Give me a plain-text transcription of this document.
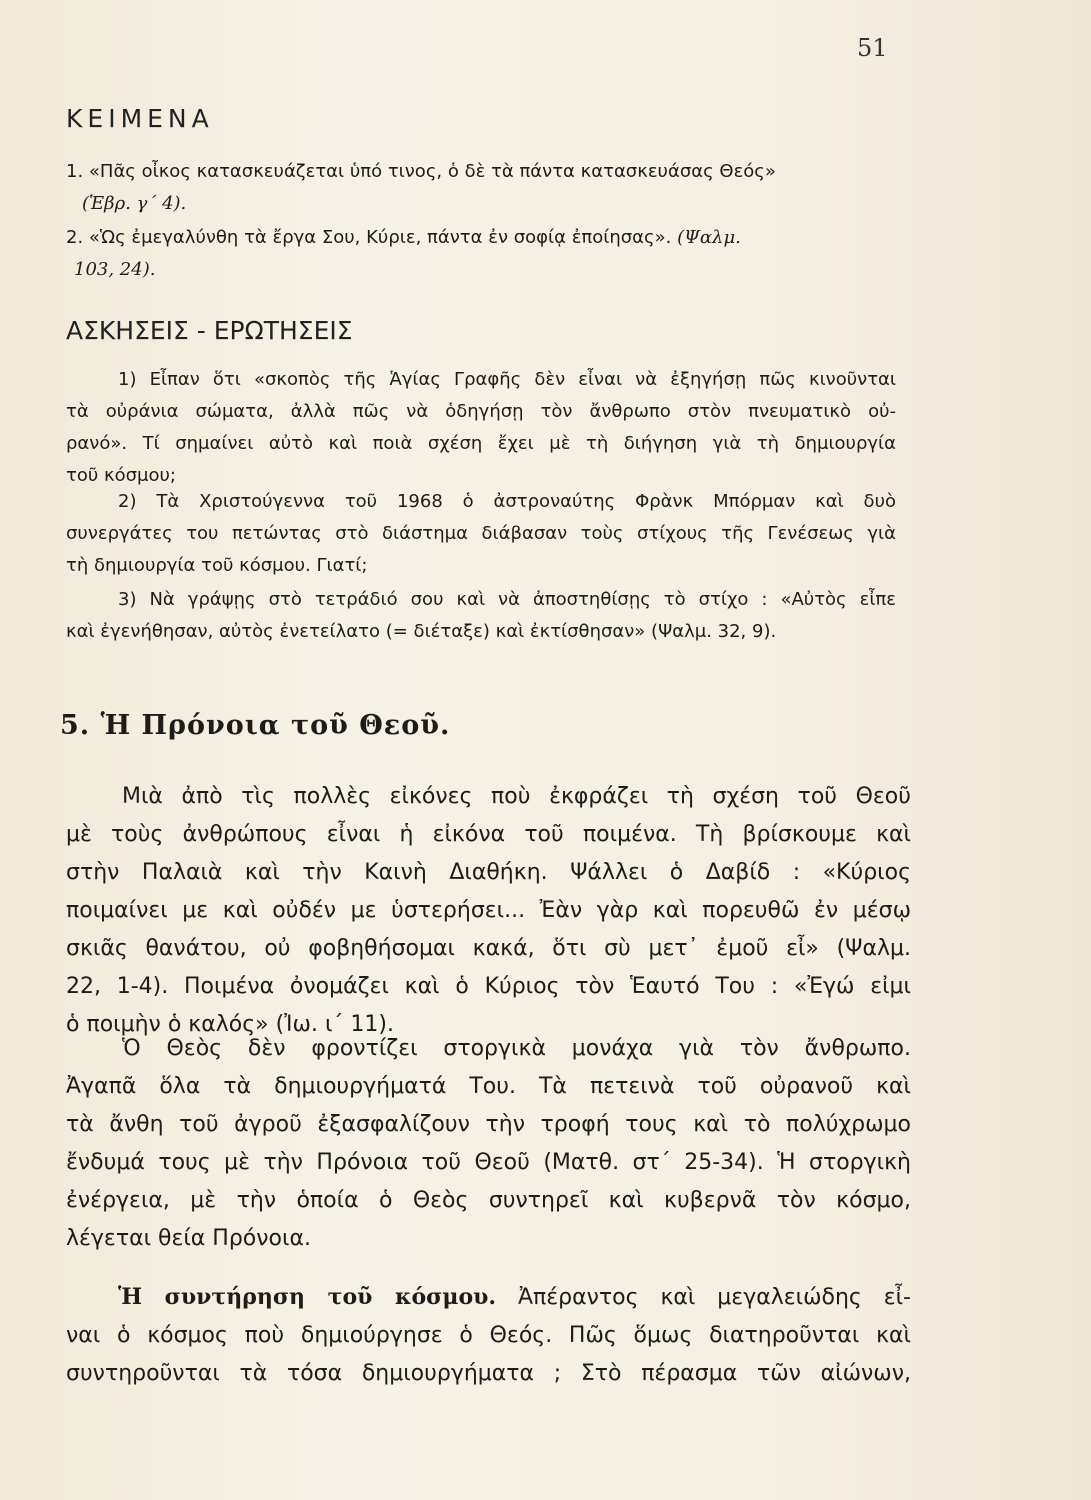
51
ΚΕΙΜΕΝΑ
1. «Πᾶς οἶκος κατασκευάζεται ὑπό τινος, ὁ δὲ τὰ πάντα κατασκευάσας Θεός»
(Ἑβρ. γ΄ 4).
2. «Ὡς ἐμεγαλύνθη τὰ ἔργα Σου, Κύριε, πάντα ἐν σοφίᾳ ἐποίησας». (Ψαλμ.
103, 24).
ΑΣΚΗΣΕΙΣ - ΕΡΩΤΗΣΕΙΣ
1) Εἶπαν ὅτι «σκοπὸς τῆς Ἁγίας Γραφῆς δὲν εἶναι νὰ ἐξηγήσῃ πῶς κινοῦνται
τὰ οὐράνια σώματα, ἀλλὰ πῶς νὰ ὁδηγήσῃ τὸν ἄνθρωπο στὸν πνευματικὸ οὐ-
ρανό». Τί σημαίνει αὐτὸ καὶ ποιὰ σχέση ἔχει μὲ τὴ διήγηση γιὰ τὴ δημιουργία
τοῦ κόσμου;
2) Τὰ Χριστούγεννα τοῦ 1968 ὁ ἀστροναύτης Φρὰνκ Μπόρμαν καὶ δυὸ
συνεργάτες του πετώντας στὸ διάστημα διάβασαν τοὺς στίχους τῆς Γενέσεως γιὰ
τὴ δημιουργία τοῦ κόσμου. Γιατί;
3) Νὰ γράψῃς στὸ τετράδιό σου καὶ νὰ ἀποστηθίσῃς τὸ στίχο : «Αὐτὸς εἶπε
καὶ ἐγενήθησαν, αὐτὸς ἐνετείλατο (= διέταξε) καὶ ἐκτίσθησαν» (Ψαλμ. 32, 9).
5. Ἡ Πρόνοια τοῦ Θεοῦ.
Μιὰ ἀπὸ τὶς πολλὲς εἰκόνες ποὺ ἐκφράζει τὴ σχέση τοῦ Θεοῦ
μὲ τοὺς ἀνθρώπους εἶναι ἡ εἰκόνα τοῦ ποιμένα. Τὴ βρίσκουμε καὶ
στὴν Παλαιὰ καὶ τὴν Καινὴ Διαθήκη. Ψάλλει ὁ Δαβίδ : «Κύριος
ποιμαίνει με καὶ οὐδέν με ὑστερήσει... Ἐὰν γὰρ καὶ πορευθῶ ἐν μέσῳ
σκιᾶς θανάτου, οὐ φοβηθήσομαι κακά, ὅτι σὺ μετ᾿ ἐμοῦ εἶ» (Ψαλμ.
22, 1-4). Ποιμένα ὀνομάζει καὶ ὁ Κύριος τὸν Ἑαυτό Του : «Ἐγώ εἰμι
ὁ ποιμὴν ὁ καλός» (Ἰω. ι΄ 11).
Ὁ Θεὸς δὲν φροντίζει στοργικὰ μονάχα γιὰ τὸν ἄνθρωπο.
Ἀγαπᾶ ὅλα τὰ δημιουργήματά Του. Τὰ πετεινὰ τοῦ οὐρανοῦ καὶ
τὰ ἄνθη τοῦ ἀγροῦ ἐξασφαλίζουν τὴν τροφή τους καὶ τὸ πολύχρωμο
ἔνδυμά τους μὲ τὴν Πρόνοια τοῦ Θεοῦ (Ματθ. στ΄ 25-34). Ἡ στοργικὴ
ἐνέργεια, μὲ τὴν ὁποία ὁ Θεὸς συντηρεῖ καὶ κυβερνᾶ τὸν κόσμο,
λέγεται θεία Πρόνοια.
Ἡ συντήρηση τοῦ κόσμου. Ἀπέραντος καὶ μεγαλειώδης εἶ-
ναι ὁ κόσμος ποὺ δημιούργησε ὁ Θεός. Πῶς ὅμως διατηροῦνται καὶ
συντηροῦνται τὰ τόσα δημιουργήματα ; Στὸ πέρασμα τῶν αἰώνων,
